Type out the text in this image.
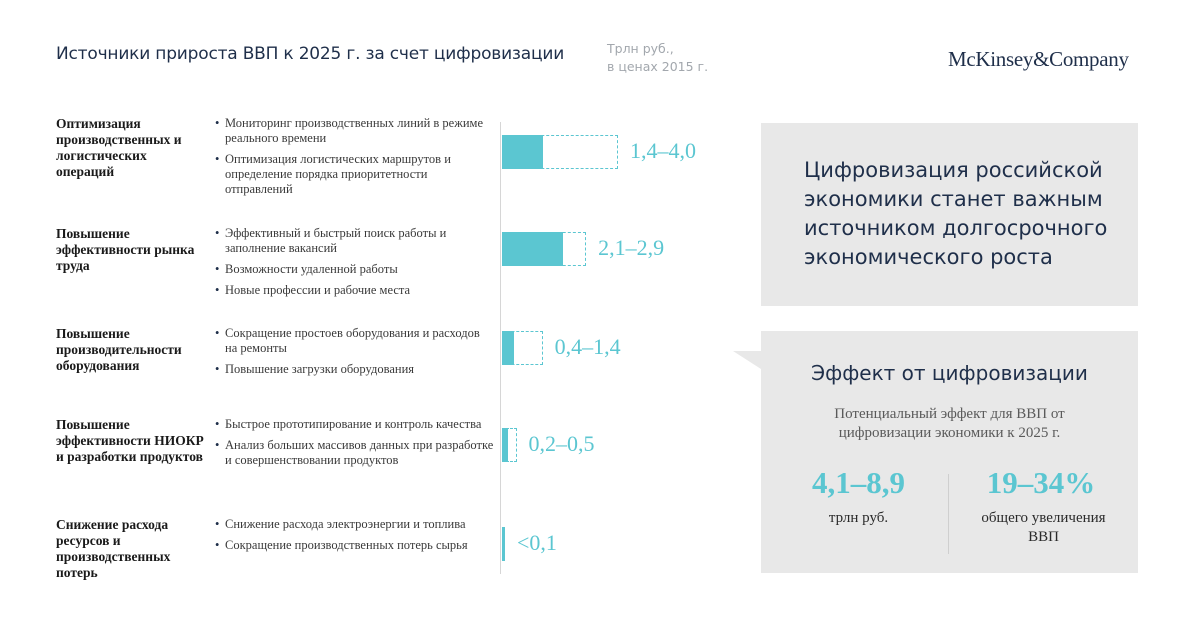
Источники прироста ВВП к 2025 г. за счет цифровизации	Трлн руб.,
в ценах 2015 г.	McKinsey&Company
Оптимизация производственных и логистических операций
• Мониторинг производственных линий в режиме реального времени
• Оптимизация логистических маршрутов и определение порядка приоритетности отправлений
Повышение эффективности рынка труда
• Эффективный и быстрый поиск работы и заполнение вакансий
• Возможности удаленной работы
• Новые профессии и рабочие места
Повышение производительности оборудования
• Сокращение простоев оборудования и расходов на ремонты
• Повышение загрузки оборудования
Повышение эффективности НИОКР и разработки продуктов
• Быстрое прототипирование и контроль качества
• Анализ больших массивов данных при разработке и совершенствовании продуктов
Снижение расхода ресурсов и производственных потерь
• Снижение расхода электроэнергии и топлива
• Сокращение производственных потерь сырья
1,4–4,0
2,1–2,9
0,4–1,4
0,2–0,5
<0,1

Цифровизация российской экономики станет важным источником долгосрочного экономического роста

Эффект от цифровизации
Потенциальный эффект для ВВП от цифровизации экономики к 2025 г.
4,1–8,9
трлн руб.
19–34%
общего увеличения ВВП
